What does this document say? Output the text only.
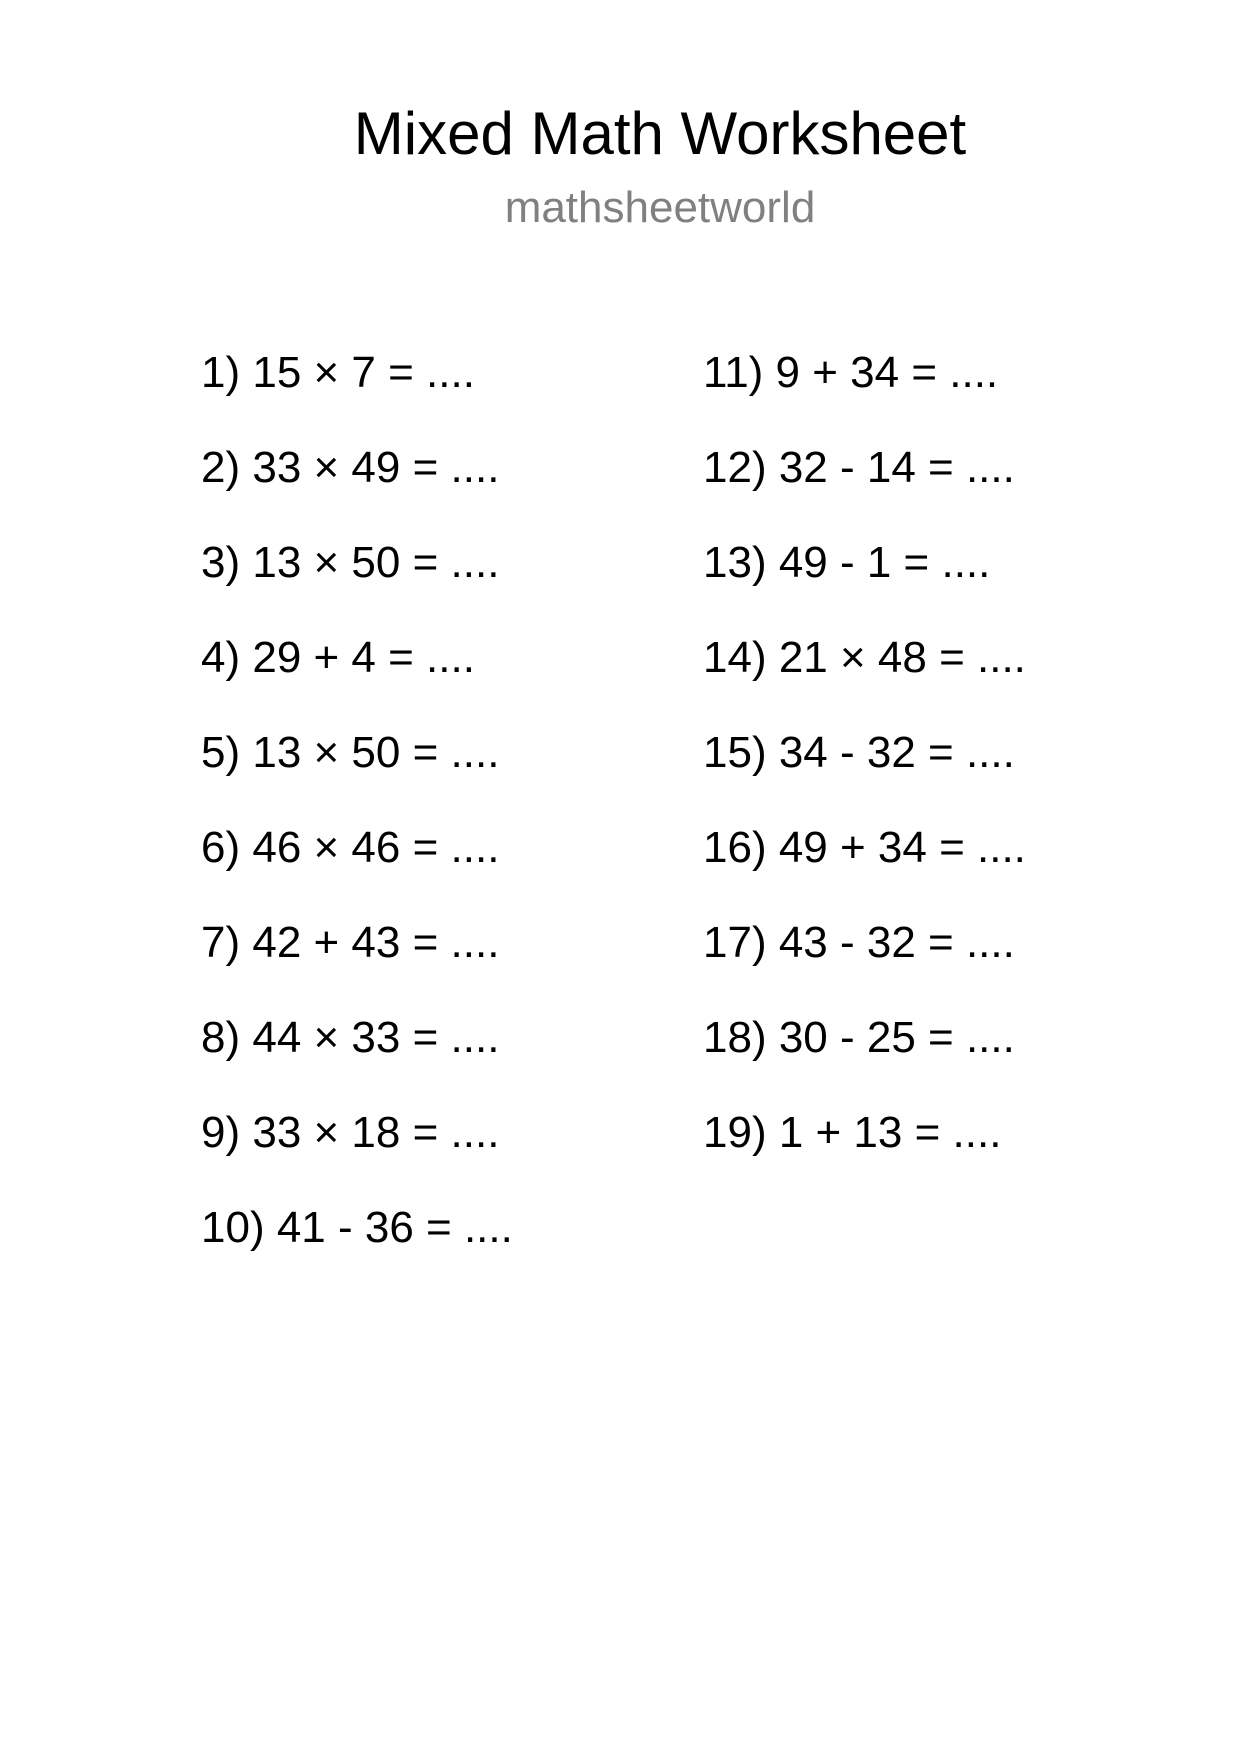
Mixed Math Worksheet
mathsheetworld
1) 15 × 7 = ....
2) 33 × 49 = ....
3) 13 × 50 = ....
4) 29 + 4 = ....
5) 13 × 50 = ....
6) 46 × 46 = ....
7) 42 + 43 = ....
8) 44 × 33 = ....
9) 33 × 18 = ....
10) 41 - 36 = ....
11) 9 + 34 = ....
12) 32 - 14 = ....
13) 49 - 1 = ....
14) 21 × 48 = ....
15) 34 - 32 = ....
16) 49 + 34 = ....
17) 43 - 32 = ....
18) 30 - 25 = ....
19) 1 + 13 = ....
